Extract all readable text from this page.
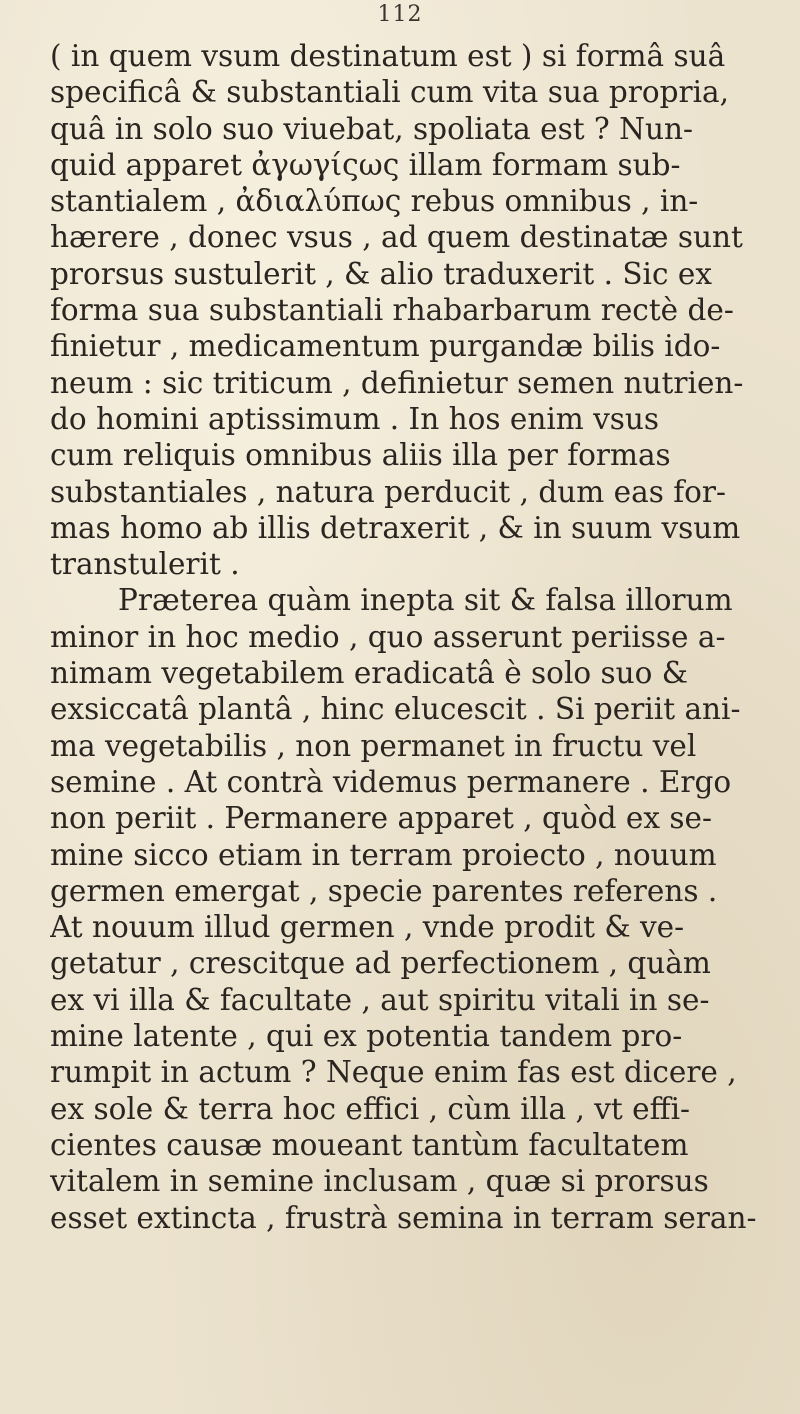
112
( in quem vsum destinatum est ) si formâ suâ
specificâ & substantiali cum vita sua propria,
quâ in solo suo viuebat, spoliata est ? Nun-
quid apparet ἀγωγίςως illam formam sub-
stantialem , ἀδιαλύπως rebus omnibus , in-
hærere , donec vsus , ad quem destinatæ sunt
prorsus sustulerit , & alio traduxerit . Sic ex
forma sua substantiali rhabarbarum rectè de-
finietur , medicamentum purgandæ bilis ido-
neum : sic triticum , definietur semen nutrien-
do homini aptissimum . In hos enim vsus
cum reliquis omnibus aliis illa per formas
substantiales , natura perducit , dum eas for-
mas homo ab illis detraxerit , & in suum vsum
transtulerit .
Præterea quàm inepta sit & falsa illorum
minor in hoc medio , quo asserunt periisse a-
nimam vegetabilem eradicatâ è solo suo &
exsiccatâ plantâ , hinc elucescit . Si periit ani-
ma vegetabilis , non permanet in fructu vel
semine . At contrà videmus permanere . Ergo
non periit . Permanere apparet , quòd ex se-
mine sicco etiam in terram proiecto , nouum
germen emergat , specie parentes referens .
At nouum illud germen , vnde prodit & ve-
getatur , crescitque ad perfectionem , quàm
ex vi illa & facultate , aut spiritu vitali in se-
mine latente , qui ex potentia tandem pro-
rumpit in actum ? Neque enim fas est dicere ,
ex sole & terra hoc effici , cùm illa , vt effi-
cientes causæ moueant tantùm facultatem
vitalem in semine inclusam , quæ si prorsus
esset extincta , frustrà semina in terram seran-
